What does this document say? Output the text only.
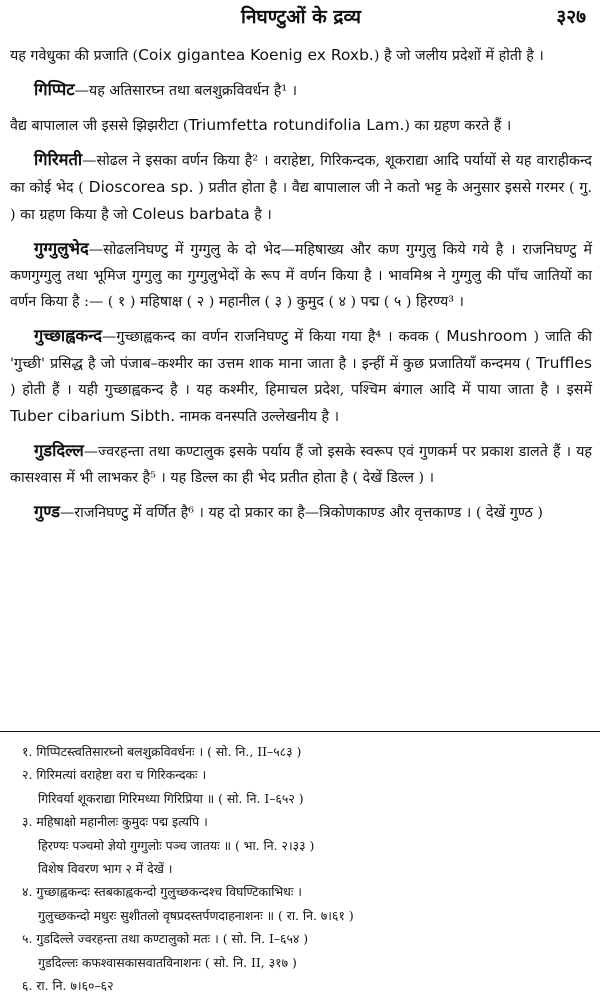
निघण्टुओं के द्रव्य	३२७
यह गवेधुका की प्रजाति (Coix gigantea Koenig ex Roxb.) है जो जलीय प्रदेशों में होती है ।
गिप्पिट—यह अतिसारघ्न तथा बलशुक्रविवर्धन है¹ ।
वैद्य बापालाल जी इससे झिझरीटा (Triumfetta rotundifolia Lam.) का ग्रहण करते हैं ।
गिरिमती—सोढल ने इसका वर्णन किया है² । वराहेष्टा, गिरिकन्दक, शूकराद्या आदि पर्यायों से यह वाराहीकन्द का कोई भेद ( Dioscorea sp. ) प्रतीत होता है । वैद्य बापालाल जी ने कतो भट्ट के अनुसार इससे गरमर ( गु. ) का ग्रहण किया है जो Coleus barbata है ।
गुग्गुलुभेद—सोढलनिघण्टु में गुग्गुलु के दो भेद—महिषाख्य और कण गुग्गुलु किये गये है । राजनिघण्टु में कणगुग्गुलु तथा भूमिज गुग्गुलु का गुग्गुलुभेदों के रूप में वर्णन किया है । भावमिश्र ने गुग्गुलु की पाँच जातियों का वर्णन किया है :— ( १ ) महिषाक्ष ( २ ) महानील ( ३ ) कुमुद ( ४ ) पद्म ( ५ ) हिरण्य³ ।
गुच्छाह्वकन्द—गुच्छाह्वकन्द का वर्णन राजनिघण्टु में किया गया है⁴ । कवक ( Mushroom ) जाति की 'गुच्छी' प्रसिद्ध है जो पंजाब–कश्मीर का उत्तम शाक माना जाता है । इन्हीं में कुछ प्रजातियाँ कन्दमय ( Truffles ) होती हैं । यही गुच्छाह्वकन्द है । यह कश्मीर, हिमाचल प्रदेश, पश्चिम बंगाल आदि में पाया जाता है । इसमें Tuber cibarium Sibth. नामक वनस्पति उल्लेखनीय है ।
गुडदिल्ल—ज्वरहन्ता तथा कण्टालुक इसके पर्याय हैं जो इसके स्वरूप एवं गुणकर्म पर प्रकाश डालते हैं । यह कासश्वास में भी लाभकर है⁵ । यह डिल्ल का ही भेद प्रतीत होता है ( देखें डिल्ल ) ।
गुण्ड—राजनिघण्टु में वर्णित है⁶ । यह दो प्रकार का है—त्रिकोणकाण्ड और वृत्तकाण्ड । ( देखें गुण्ठ )
१. गिप्पिटस्त्वतिसारघ्नो बलशुक्रविवर्धनः । ( सो. नि., II–५८३ )
२. गिरिमत्यां वराहेष्टा वरा च गिरिकन्दकः ।
गिरिवर्या शूकराद्या गिरिमध्या गिरिप्रिया ॥ ( सो. नि. I–६५२ )
३. महिषाक्षो महानीलः कुमुदः पद्म इत्यपि ।
हिरण्यः पञ्चमो ज्ञेयो गुग्गुलोः पञ्च जातयः ॥ ( भा. नि. २।३३ )
विशेष विवरण भाग २ में देखें ।
४. गुच्छाह्वकन्दः स्तबकाह्वकन्दो गुलुच्छकन्दश्च विघण्टिकाभिधः ।
गुलुच्छकन्दो मधुरः सुशीतलो वृषप्रदस्तर्पणदाहनाशनः ॥ ( रा. नि. ७।६१ )
५. गुडदिल्ले ज्वरहन्ता तथा कण्टालुको मतः । ( सो. नि. I–६५४ )
गुडदिल्लः कफश्वासकासवातविनाशनः ( सो. नि. II, ३१७ )
६. रा. नि. ७।६०–६२
